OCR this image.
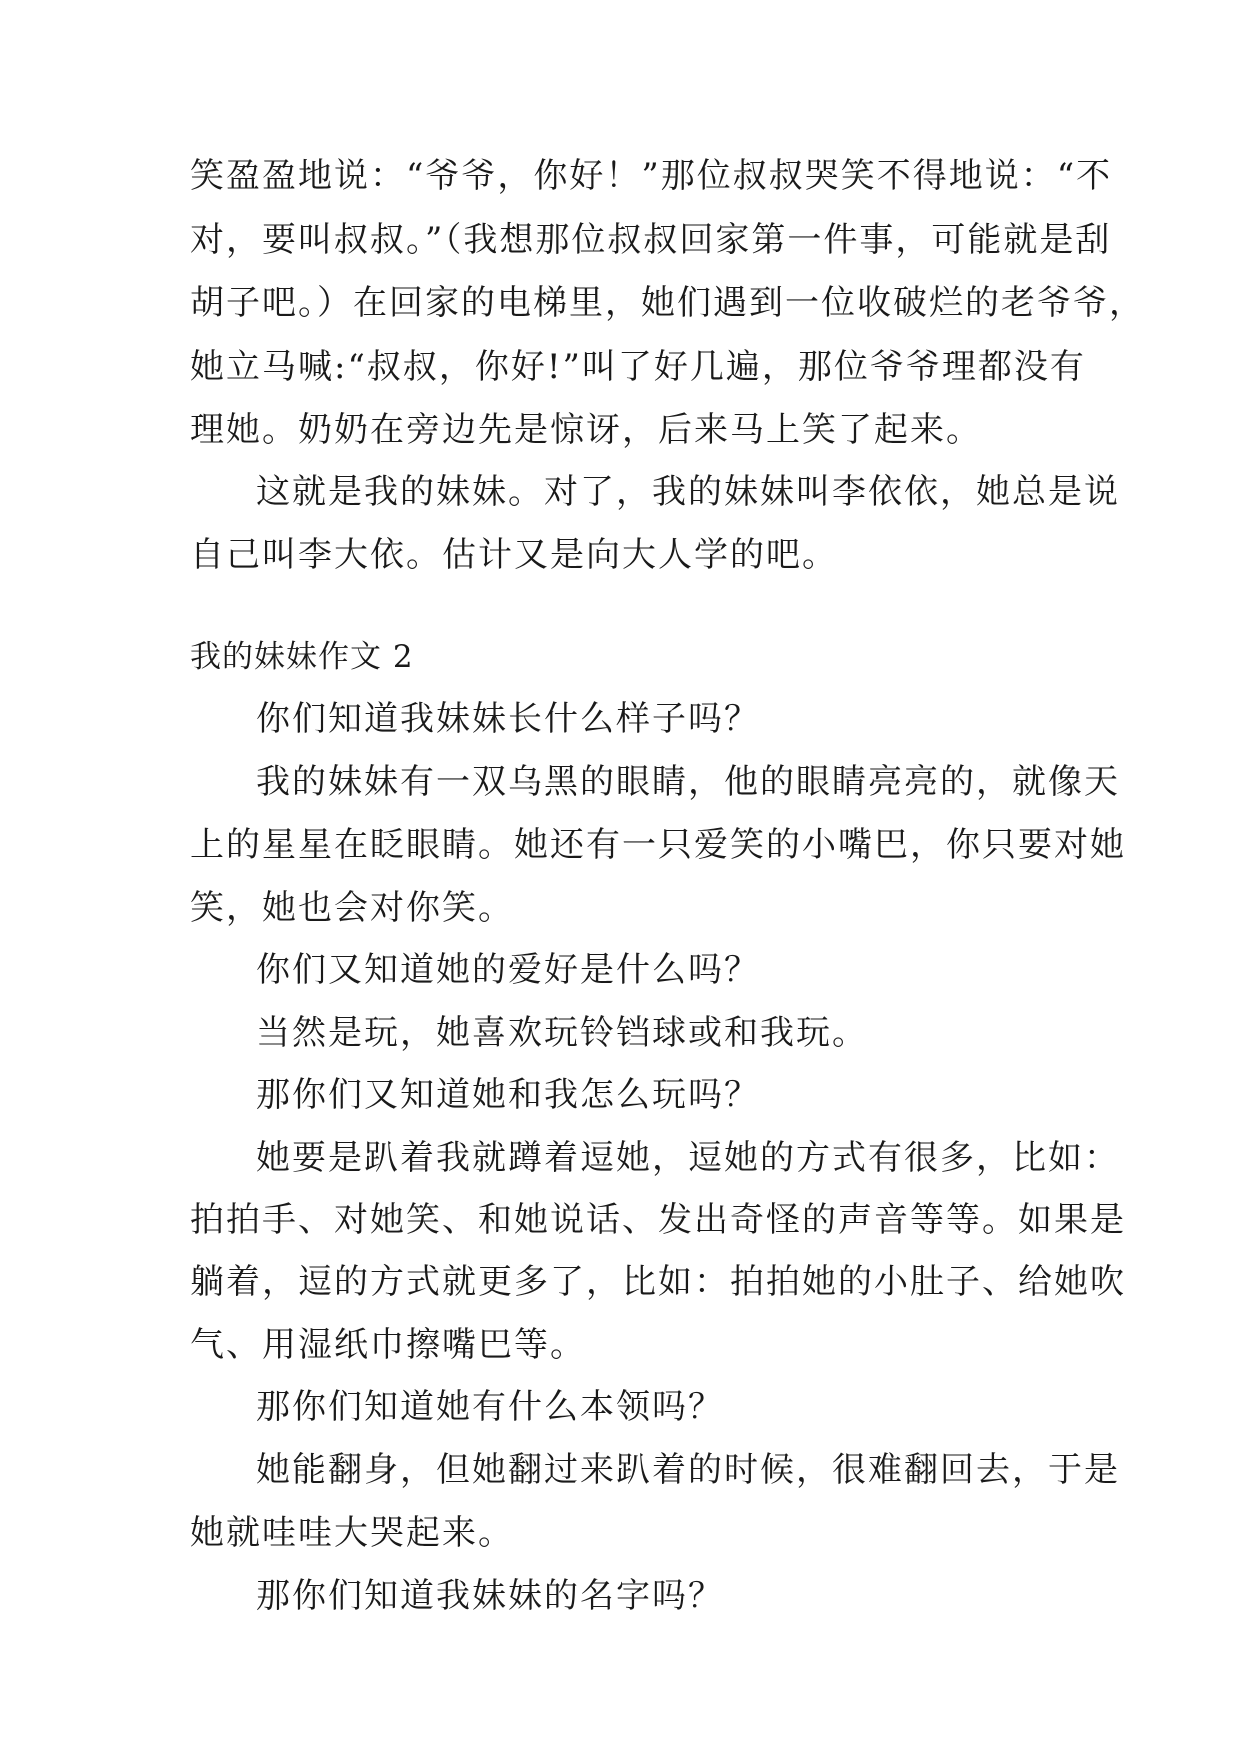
笑盈盈地说：“爷爷，你好！”那位叔叔哭笑不得地说：“不
对，要叫叔叔。”（我想那位叔叔回家第一件事，可能就是刮
胡子吧。）在回家的电梯里，她们遇到一位收破烂的老爷爷，
她立马喊:“叔叔，你好!”叫了好几遍，那位爷爷理都没有
理她。奶奶在旁边先是惊讶，后来马上笑了起来。
这就是我的妹妹。对了，我的妹妹叫李依依，她总是说
自己叫李大依。估计又是向大人学的吧。
我的妹妹作文 2
你们知道我妹妹长什么样子吗？
我的妹妹有一双乌黑的眼睛，他的眼睛亮亮的，就像天
上的星星在眨眼睛。她还有一只爱笑的小嘴巴，你只要对她
笑，她也会对你笑。
你们又知道她的爱好是什么吗？
当然是玩，她喜欢玩铃铛球或和我玩。
那你们又知道她和我怎么玩吗？
她要是趴着我就蹲着逗她，逗她的方式有很多，比如：
拍拍手、对她笑、和她说话、发出奇怪的声音等等。如果是
躺着，逗的方式就更多了，比如：拍拍她的小肚子、给她吹
气、用湿纸巾擦嘴巴等。
那你们知道她有什么本领吗？
她能翻身，但她翻过来趴着的时候，很难翻回去，于是
她就哇哇大哭起来。
那你们知道我妹妹的名字吗？
